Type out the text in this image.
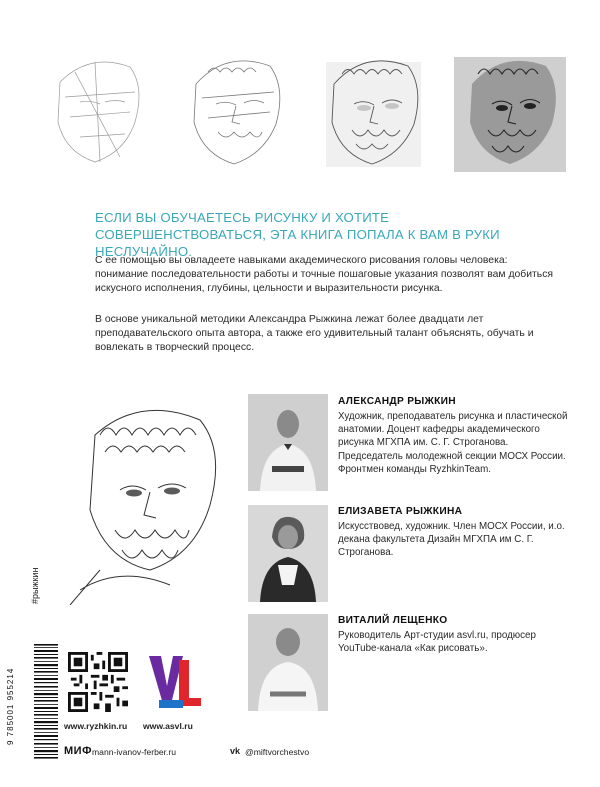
ЕСЛИ ВЫ ОБУЧАЕТЕСЬ РИСУНКУ И ХОТИТЕ СОВЕРШЕНСТВОВАТЬСЯ, ЭТА КНИГА ПОПАЛА К ВАМ В РУКИ НЕСЛУЧАЙНО.
С ее помощью вы овладеете навыками академического рисования головы человека: понимание последовательности работы и точные пошаговые указания позволят вам добиться искусного исполнения, глубины, цельности и выразительности рисунка.
В основе уникальной методики Александра Рыжкина лежат более двадцати лет преподавательского опыта автора, а также его удивительный талант объяснять, обучать и вовлекать в творческий процесс.
АЛЕКСАНДР РЫЖКИН
Художник, преподаватель рисунка и пластической анатомии. Доцент кафедры академического рисунка МГХПА им. С. Г. Строганова. Председатель молодежной секции МОСХ России. Фронтмен команды RyzhkinTeam.
ЕЛИЗАВЕТА РЫЖКИНА
Искусствовед, художник. Член МОСХ России, и.о. декана факультета Дизайн МГХПА им С. Г. Строганова.
ВИТАЛИЙ ЛЕЩЕНКО
Руководитель Арт-студии asvl.ru, продюсер YouTube-канала «Как рисовать».
#рыжкин
9 785001 955214	www.ryzhkin.ru www.asvl.ru
МИФ mann-ivanov-ferber.ru	vk @miftvorchestvo
